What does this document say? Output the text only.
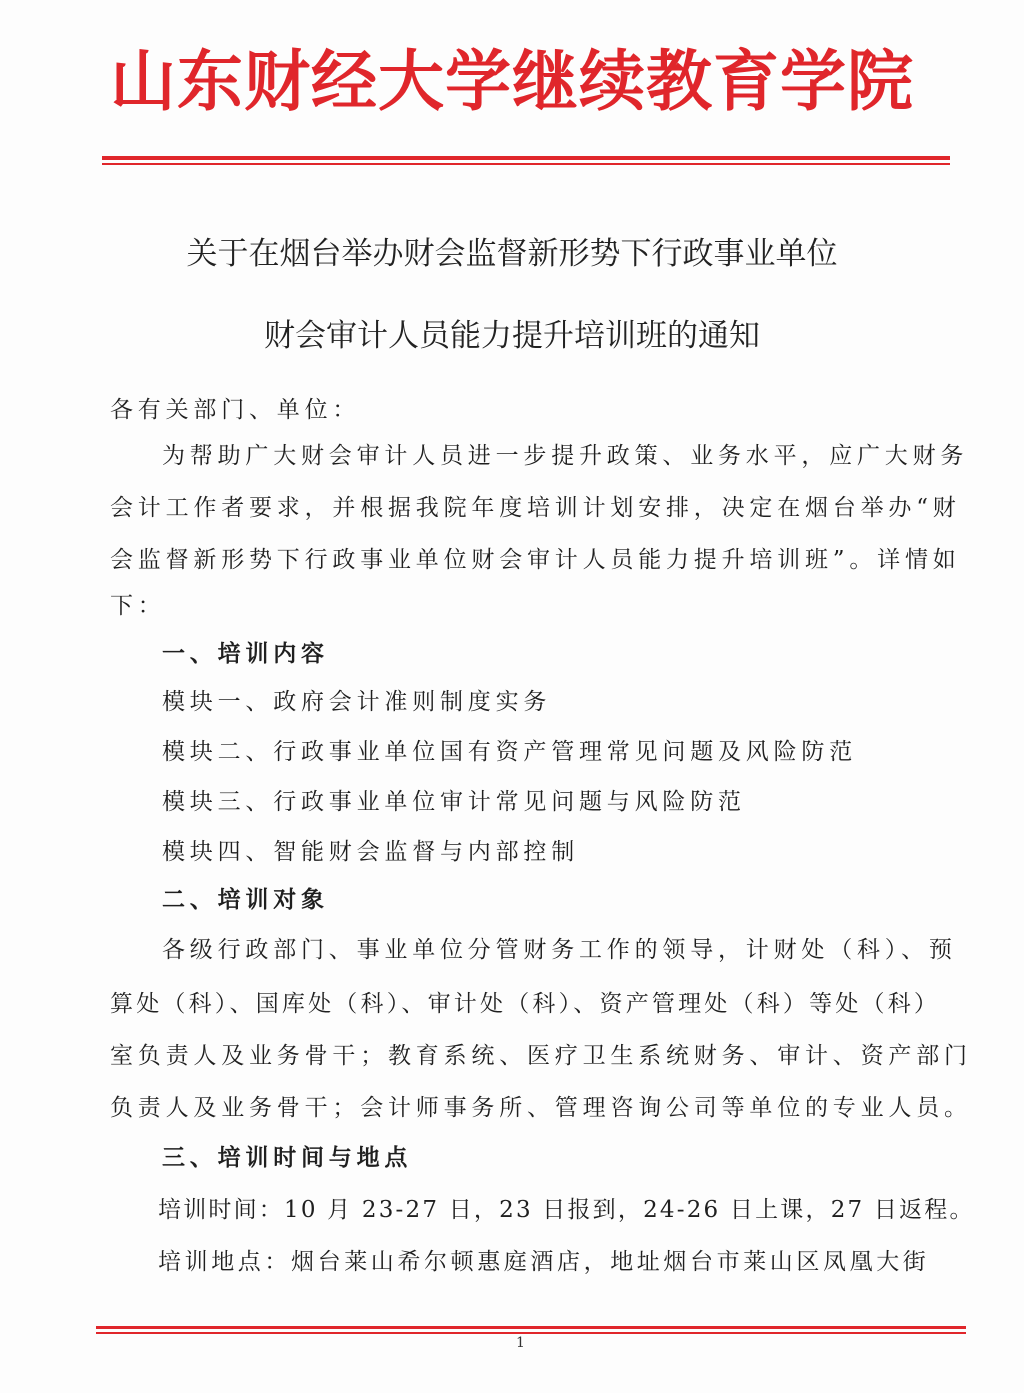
山东财经大学继续教育学院
关于在烟台举办财会监督新形势下行政事业单位
财会审计人员能力提升培训班的通知
各有关部门、单位：
为帮助广大财会审计人员进一步提升政策、业务水平，应广大财务
会计工作者要求，并根据我院年度培训计划安排，决定在烟台举办“财
会监督新形势下行政事业单位财会审计人员能力提升培训班”。详情如
下：
一、培训内容
模块一、政府会计准则制度实务
模块二、行政事业单位国有资产管理常见问题及风险防范
模块三、行政事业单位审计常见问题与风险防范
模块四、智能财会监督与内部控制
二、培训对象
各级行政部门、事业单位分管财务工作的领导，计财处（科）、预
算处（科）、国库处（科）、审计处（科）、资产管理处（科）等处（科）
室负责人及业务骨干；教育系统、医疗卫生系统财务、审计、资产部门
负责人及业务骨干；会计师事务所、管理咨询公司等单位的专业人员。
三、培训时间与地点
培训时间：10 月 23-27 日，23 日报到，24-26 日上课，27 日返程。
培训地点：烟台莱山希尔顿惠庭酒店，地址烟台市莱山区凤凰大街
1
